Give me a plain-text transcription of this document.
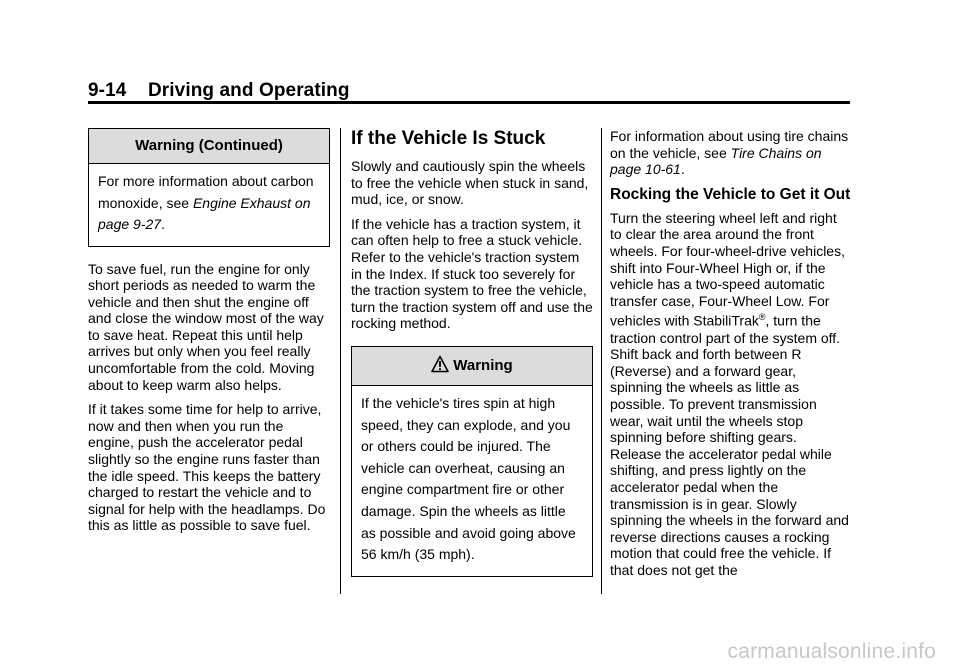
9-14 Driving and Operating
Warning (Continued)

For more information about carbon monoxide, see Engine Exhaust on page 9-27.

To save fuel, run the engine for only short periods as needed to warm the vehicle and then shut the engine off and close the window most of the way to save heat. Repeat this until help arrives but only when you feel really uncomfortable from the cold. Moving about to keep warm also helps.

If it takes some time for help to arrive, now and then when you run the engine, push the accelerator pedal slightly so the engine runs faster than the idle speed. This keeps the battery charged to restart the vehicle and to signal for help with the headlamps. Do this as little as possible to save fuel.

If the Vehicle Is Stuck

Slowly and cautiously spin the wheels to free the vehicle when stuck in sand, mud, ice, or snow.

If the vehicle has a traction system, it can often help to free a stuck vehicle. Refer to the vehicle's traction system in the Index. If stuck too severely for the traction system to free the vehicle, turn the traction system off and use the rocking method.

Warning

If the vehicle's tires spin at high speed, they can explode, and you or others could be injured. The vehicle can overheat, causing an engine compartment fire or other damage. Spin the wheels as little as possible and avoid going above 56 km/h (35 mph).

For information about using tire chains on the vehicle, see Tire Chains on page 10-61.

Rocking the Vehicle to Get it Out

Turn the steering wheel left and right to clear the area around the front wheels. For four-wheel-drive vehicles, shift into Four-Wheel High or, if the vehicle has a two-speed automatic transfer case, Four-Wheel Low. For vehicles with StabiliTrak®, turn the traction control part of the system off. Shift back and forth between R (Reverse) and a forward gear, spinning the wheels as little as possible. To prevent transmission wear, wait until the wheels stop spinning before shifting gears. Release the accelerator pedal while shifting, and press lightly on the accelerator pedal when the transmission is in gear. Slowly spinning the wheels in the forward and reverse directions causes a rocking motion that could free the vehicle. If that does not get the

carmanualsonline.info
